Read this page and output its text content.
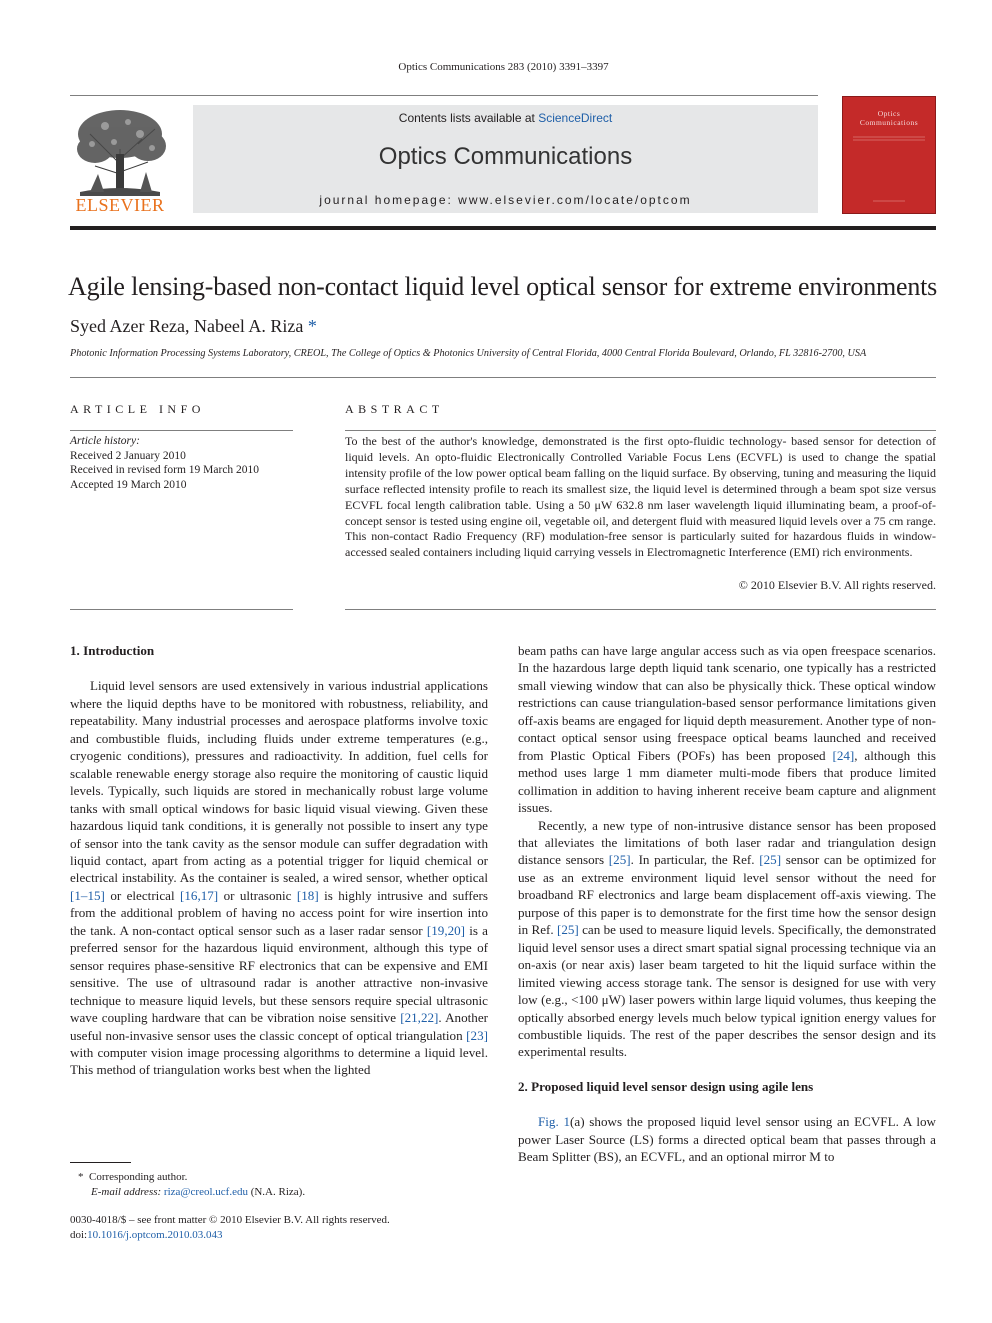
Optics Communications 283 (2010) 3391–3397
ELSEVIER
Contents lists available at ScienceDirect
Optics Communications
journal homepage: www.elsevier.com/locate/optcom
Optics
Communications
Agile lensing-based non-contact liquid level optical sensor for extreme environments
Syed Azer Reza, Nabeel A. Riza *
Photonic Information Processing Systems Laboratory, CREOL, The College of Optics & Photonics University of Central Florida, 4000 Central Florida Boulevard, Orlando, FL 32816-2700, USA
ARTICLE INFO	ABSTRACT
Article history:
Received 2 January 2010
Received in revised form 19 March 2010
Accepted 19 March 2010
To the best of the author's knowledge, demonstrated is the first opto-fluidic technology- based sensor for detection of liquid levels. An opto-fluidic Electronically Controlled Variable Focus Lens (ECVFL) is used to change the spatial intensity profile of the low power optical beam falling on the liquid surface. By observing, tuning and measuring the liquid surface reflected intensity profile to reach its smallest size, the liquid level is determined through a beam spot size versus ECVFL focal length calibration table. Using a 50 μW 632.8 nm laser wavelength liquid illuminating beam, a proof-of-concept sensor is tested using engine oil, vegetable oil, and detergent fluid with measured liquid levels over a 75 cm range. This non-contact Radio Frequency (RF) modulation-free sensor is particularly suited for hazardous fluids in window-accessed sealed containers including liquid carrying vessels in Electromagnetic Interference (EMI) rich environments.
© 2010 Elsevier B.V. All rights reserved.
1. Introduction

Liquid level sensors are used extensively in various industrial applications where the liquid depths have to be monitored with robustness, reliability, and repeatability. Many industrial processes and aerospace platforms involve toxic and combustible fluids, including fluids under extreme temperatures (e.g., cryogenic conditions), pressures and radioactivity. In addition, fuel cells for scalable renewable energy storage also require the monitoring of caustic liquid levels. Typically, such liquids are stored in mechanically robust large volume tanks with small optical windows for basic liquid visual viewing. Given these hazardous liquid tank conditions, it is generally not possible to insert any type of sensor into the tank cavity as the sensor module can suffer degradation with liquid contact, apart from acting as a potential trigger for liquid chemical or electrical instability. As the container is sealed, a wired sensor, whether optical [1–15] or electrical [16,17] or ultrasonic [18] is highly intrusive and suffers from the additional problem of having no access point for wire insertion into the tank. A non-contact optical sensor such as a laser radar sensor [19,20] is a preferred sensor for the hazardous liquid environment, although this type of sensor requires phase-sensitive RF electronics that can be expensive and EMI sensitive. The use of ultrasound radar is another attractive non-invasive technique to measure liquid levels, but these sensors require special ultrasonic wave coupling hardware that can be vibration noise sensitive [21,22]. Another useful non-invasive sensor uses the classic concept of optical triangulation [23] with computer vision image processing algorithms to determine a liquid level. This method of triangulation works best when the lighted

beam paths can have large angular access such as via open freespace scenarios. In the hazardous large depth liquid tank scenario, one typically has a restricted small viewing window that can also be physically thick. These optical window restrictions can cause triangulation-based sensor performance limitations given off-axis beams are engaged for liquid depth measurement. Another type of non-contact optical sensor using freespace optical beams launched and received from Plastic Optical Fibers (POFs) has been proposed [24], although this method uses large 1 mm diameter multi-mode fibers that produce limited collimation in addition to having inherent receive beam capture and alignment issues.

Recently, a new type of non-intrusive distance sensor has been proposed that alleviates the limitations of both laser radar and triangulation design distance sensors [25]. In particular, the Ref. [25] sensor can be optimized for use as an extreme environment liquid level sensor without the need for broadband RF electronics and large beam displacement off-axis viewing. The purpose of this paper is to demonstrate for the first time how the sensor design in Ref. [25] can be used to measure liquid levels. Specifically, the demonstrated liquid level sensor uses a direct smart spatial signal processing technique via an on-axis (or near axis) laser beam targeted to hit the liquid surface within the limited viewing access storage tank. The sensor is designed for use with very low (e.g., <100 μW) laser powers within large liquid volumes, thus keeping the optically absorbed energy levels much below typical ignition energy values for combustible liquids. The rest of the paper describes the sensor design and its experimental results.

2. Proposed liquid level sensor design using agile lens

Fig. 1(a) shows the proposed liquid level sensor using an ECVFL. A low power Laser Source (LS) forms a directed optical beam that passes through a Beam Splitter (BS), an ECVFL, and an optional mirror M to

* Corresponding author.
E-mail address: riza@creol.ucf.edu (N.A. Riza).
0030-4018/$ – see front matter © 2010 Elsevier B.V. All rights reserved.
doi:10.1016/j.optcom.2010.03.043
